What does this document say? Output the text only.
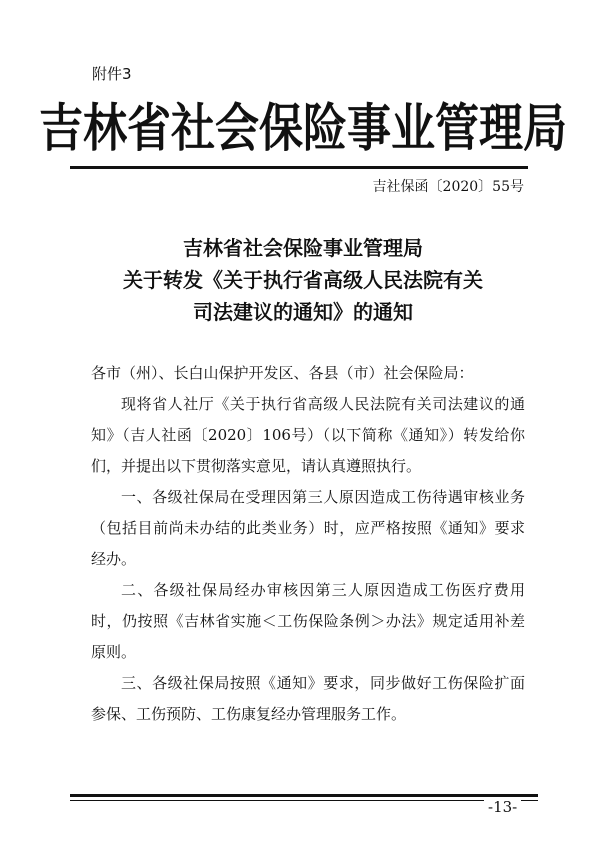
附件3
吉林省社会保险事业管理局
吉社保函〔2020〕55号
吉林省社会保险事业管理局
关于转发《关于执行省高级人民法院有关
司法建议的通知》的通知

各市（州）、长白山保护开发区、各县（市）社会保险局：

现将省人社厅《关于执行省高级人民法院有关司法建议的通知》（吉人社函〔2020〕106号）（以下简称《通知》）转发给你们，并提出以下贯彻落实意见，请认真遵照执行。

一、各级社保局在受理因第三人原因造成工伤待遇审核业务（包括目前尚未办结的此类业务）时，应严格按照《通知》要求经办。

二、各级社保局经办审核因第三人原因造成工伤医疗费用时，仍按照《吉林省实施＜工伤保险条例＞办法》规定适用补差原则。

三、各级社保局按照《通知》要求，同步做好工伤保险扩面参保、工伤预防、工伤康复经办管理服务工作。

-13-
